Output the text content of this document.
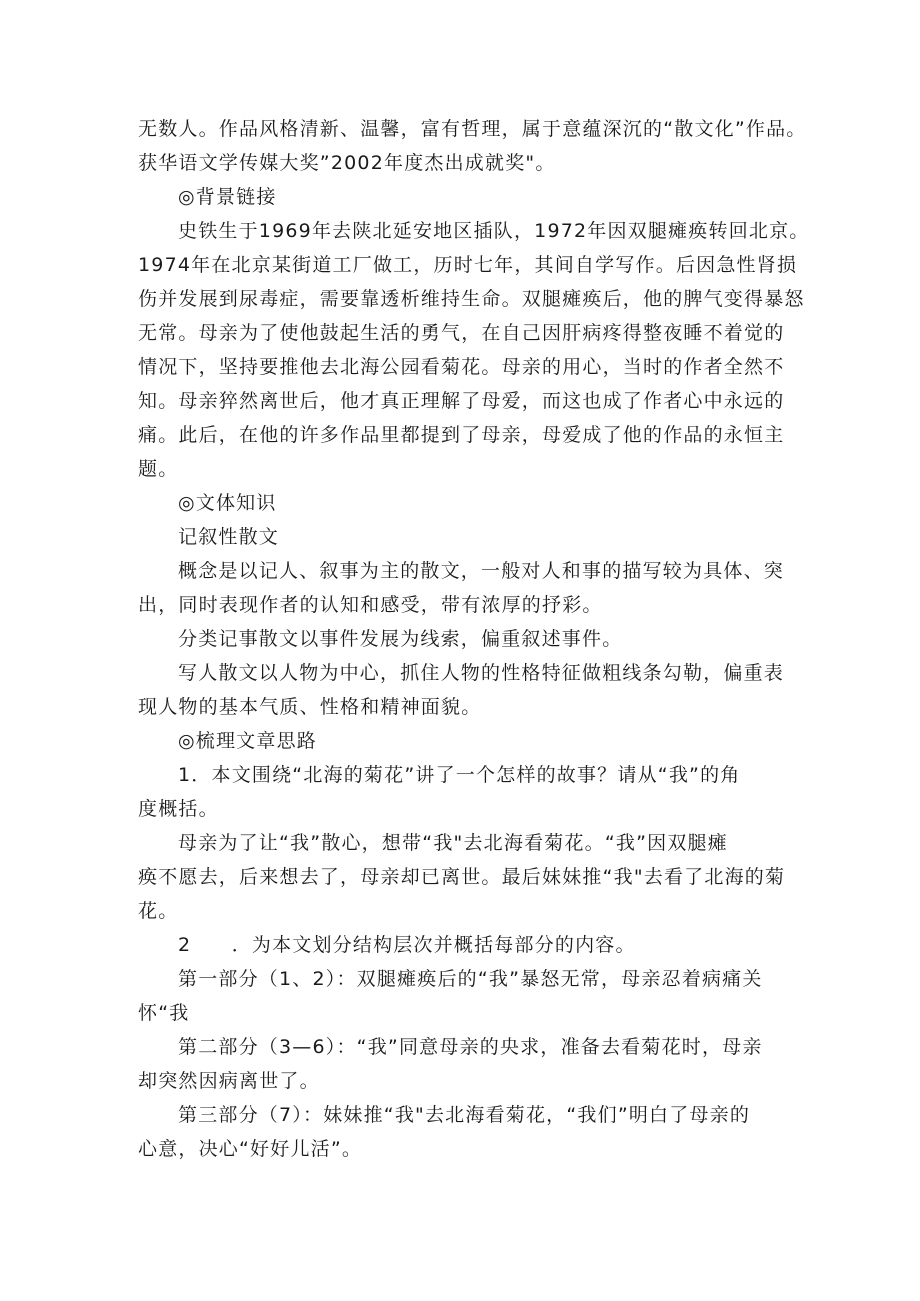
无数人。作品风格清新、温馨，富有哲理，属于意蕴深沉的“散文化”作品。
获华语文学传媒大奖”2002年度杰出成就奖"。
◎背景链接
史铁生于1969年去陕北延安地区插队，1972年因双腿瘫痪转回北京。
1974年在北京某街道工厂做工，历时七年，其间自学写作。后因急性肾损
伤并发展到尿毒症，需要靠透析维持生命。双腿瘫痪后，他的脾气变得暴怒
无常。母亲为了使他鼓起生活的勇气，在自己因肝病疼得整夜睡不着觉的
情况下，坚持要推他去北海公园看菊花。母亲的用心，当时的作者全然不
知。母亲猝然离世后，他才真正理解了母爱，而这也成了作者心中永远的
痛。此后，在他的许多作品里都提到了母亲，母爱成了他的作品的永恒主
题。
◎文体知识
记叙性散文
概念是以记人、叙事为主的散文，一般对人和事的描写较为具体、突
出，同时表现作者的认知和感受，带有浓厚的抒彩。
分类记事散文以事件发展为线索，偏重叙述事件。
写人散文以人物为中心，抓住人物的性格特征做粗线条勾勒，偏重表
现人物的基本气质、性格和精神面貌。
◎梳理文章思路
1．本文围绕“北海的菊花”讲了一个怎样的故事？请从“我”的角
度概括。
母亲为了让“我”散心，想带“我"去北海看菊花。“我”因双腿瘫
痪不愿去，后来想去了，母亲却已离世。最后妹妹推“我"去看了北海的菊
花。
2　　．为本文划分结构层次并概括每部分的内容。
第一部分（1、2）：双腿瘫痪后的“我”暴怒无常，母亲忍着病痛关
怀“我
第二部分（3—6）：“我”同意母亲的央求，准备去看菊花时，母亲
却突然因病离世了。
第三部分（7）：妹妹推“我"去北海看菊花，“我们”明白了母亲的
心意，决心“好好儿活”。
